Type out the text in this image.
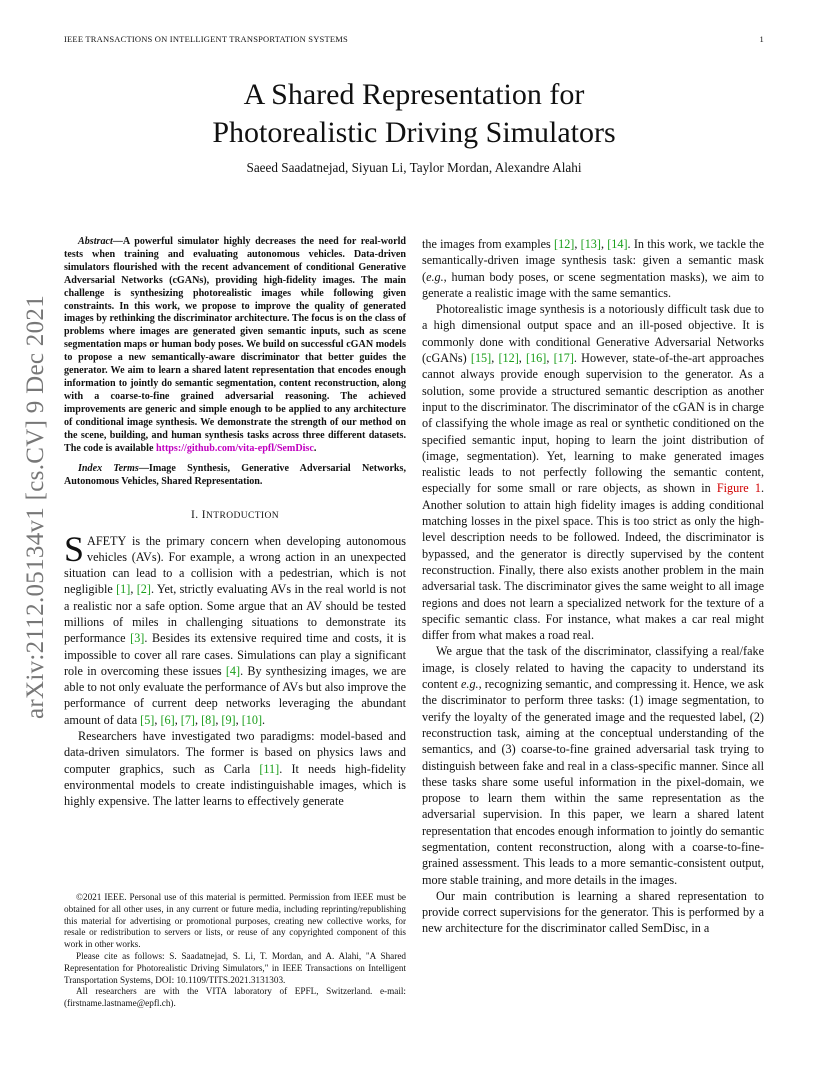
IEEE TRANSACTIONS ON INTELLIGENT TRANSPORTATION SYSTEMS	1
arXiv:2112.05134v1 [cs.CV] 9 Dec 2021
A Shared Representation for
Photorealistic Driving Simulators
Saeed Saadatnejad, Siyuan Li, Taylor Mordan, Alexandre Alahi

Abstract—A powerful simulator highly decreases the need for real-world tests when training and evaluating autonomous vehicles. Data-driven simulators flourished with the recent advancement of conditional Generative Adversarial Networks (cGANs), providing high-fidelity images. The main challenge is synthesizing photorealistic images while following given constraints. In this work, we propose to improve the quality of generated images by rethinking the discriminator architecture. The focus is on the class of problems where images are generated given semantic inputs, such as scene segmentation maps or human body poses. We build on successful cGAN models to propose a new semantically-aware discriminator that better guides the generator. We aim to learn a shared latent representation that encodes enough information to jointly do semantic segmentation, content reconstruction, along with a coarse-to-fine grained adversarial reasoning. The achieved improvements are generic and simple enough to be applied to any architecture of conditional image synthesis. We demonstrate the strength of our method on the scene, building, and human synthesis tasks across three different datasets. The code is available https://github.com/vita-epfl/SemDisc.

Index Terms—Image Synthesis, Generative Adversarial Networks, Autonomous Vehicles, Shared Representation.

I. INTRODUCTION

SAFETY is the primary concern when developing autonomous vehicles (AVs). For example, a wrong action in an unexpected situation can lead to a collision with a pedestrian, which is not negligible [1], [2]. Yet, strictly evaluating AVs in the real world is not a realistic nor a safe option. Some argue that an AV should be tested millions of miles in challenging situations to demonstrate its performance [3]. Besides its extensive required time and costs, it is impossible to cover all rare cases. Simulations can play a significant role in overcoming these issues [4]. By synthesizing images, we are able to not only evaluate the performance of AVs but also improve the performance of current deep networks leveraging the abundant amount of data [5], [6], [7], [8], [9], [10].

Researchers have investigated two paradigms: model-based and data-driven simulators. The former is based on physics laws and computer graphics, such as Carla [11]. It needs high-fidelity environmental models to create indistinguishable images, which is highly expensive. The latter learns to effectively generate

©2021 IEEE. Personal use of this material is permitted. Permission from IEEE must be obtained for all other uses, in any current or future media, including reprinting/republishing this material for advertising or promotional purposes, creating new collective works, for resale or redistribution to servers or lists, or reuse of any copyrighted component of this work in other works.

Please cite as follows: S. Saadatnejad, S. Li, T. Mordan, and A. Alahi, "A Shared Representation for Photorealistic Driving Simulators," in IEEE Transactions on Intelligent Transportation Systems, DOI: 10.1109/TITS.2021.3131303.

All researchers are with the VITA laboratory of EPFL, Switzerland. e-mail: (firstname.lastname@epfl.ch).

the images from examples [12], [13], [14]. In this work, we tackle the semantically-driven image synthesis task: given a semantic mask (e.g., human body poses, or scene segmentation masks), we aim to generate a realistic image with the same semantics.

Photorealistic image synthesis is a notoriously difficult task due to a high dimensional output space and an ill-posed objective. It is commonly done with conditional Generative Adversarial Networks (cGANs) [15], [12], [16], [17]. However, state-of-the-art approaches cannot always provide enough supervision to the generator. As a solution, some provide a structured semantic description as another input to the discriminator. The discriminator of the cGAN is in charge of classifying the whole image as real or synthetic conditioned on the specified semantic input, hoping to learn the joint distribution of (image, segmentation). Yet, learning to make generated images realistic leads to not perfectly following the semantic content, especially for some small or rare objects, as shown in Figure 1. Another solution to attain high fidelity images is adding conditional matching losses in the pixel space. This is too strict as only the high-level description needs to be followed. Indeed, the discriminator is bypassed, and the generator is directly supervised by the content reconstruction. Finally, there also exists another problem in the main adversarial task. The discriminator gives the same weight to all image regions and does not learn a specialized network for the texture of a specific semantic class. For instance, what makes a car real might differ from what makes a road real.

We argue that the task of the discriminator, classifying a real/fake image, is closely related to having the capacity to understand its content e.g., recognizing semantic, and compressing it. Hence, we ask the discriminator to perform three tasks: (1) image segmentation, to verify the loyalty of the generated image and the requested label, (2) reconstruction task, aiming at the conceptual understanding of the semantics, and (3) coarse-to-fine grained adversarial task trying to distinguish between fake and real in a class-specific manner. Since all these tasks share some useful information in the pixel-domain, we propose to learn them within the same representation as the adversarial supervision. In this paper, we learn a shared latent representation that encodes enough information to jointly do semantic segmentation, content reconstruction, along with a coarse-to-fine-grained assessment. This leads to a more semantic-consistent output, more stable training, and more details in the images.

Our main contribution is learning a shared representation to provide correct supervisions for the generator. This is performed by a new architecture for the discriminator called SemDisc, in a
